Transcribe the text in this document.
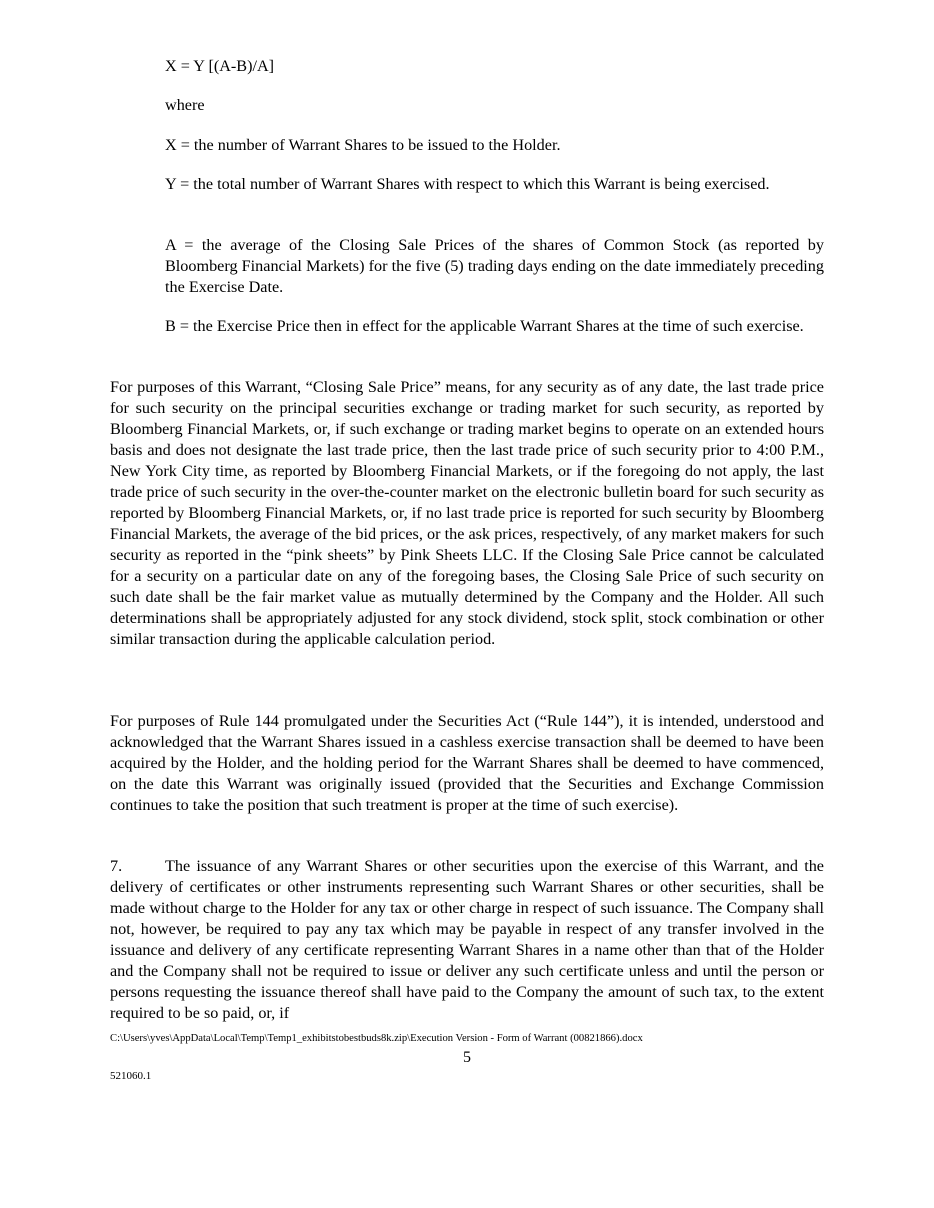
X = Y [(A-B)/A]

where

X = the number of Warrant Shares to be issued to the Holder.

Y = the total number of Warrant Shares with respect to which this Warrant is being exercised.

A = the average of the Closing Sale Prices of the shares of Common Stock (as reported by Bloomberg Financial Markets) for the five (5) trading days ending on the date immediately preceding the Exercise Date.

B = the Exercise Price then in effect for the applicable Warrant Shares at the time of such exercise.

For purposes of this Warrant, “Closing Sale Price” means, for any security as of any date, the last trade price for such security on the principal securities exchange or trading market for such security, as reported by Bloomberg Financial Markets, or, if such exchange or trading market begins to operate on an extended hours basis and does not designate the last trade price, then the last trade price of such security prior to 4:00 P.M., New York City time, as reported by Bloomberg Financial Markets, or if the foregoing do not apply, the last trade price of such security in the over-the-counter market on the electronic bulletin board for such security as reported by Bloomberg Financial Markets, or, if no last trade price is reported for such security by Bloomberg Financial Markets, the average of the bid prices, or the ask prices, respectively, of any market makers for such security as reported in the “pink sheets” by Pink Sheets LLC. If the Closing Sale Price cannot be calculated for a security on a particular date on any of the foregoing bases, the Closing Sale Price of such security on such date shall be the fair market value as mutually determined by the Company and the Holder. All such determinations shall be appropriately adjusted for any stock dividend, stock split, stock combination or other similar transaction during the applicable calculation period.

For purposes of Rule 144 promulgated under the Securities Act (“Rule 144”), it is intended, understood and acknowledged that the Warrant Shares issued in a cashless exercise transaction shall be deemed to have been acquired by the Holder, and the holding period for the Warrant Shares shall be deemed to have commenced, on the date this Warrant was originally issued (provided that the Securities and Exchange Commission continues to take the position that such treatment is proper at the time of such exercise).

7.	The issuance of any Warrant Shares or other securities upon the exercise of this Warrant, and the delivery of certificates or other instruments representing such Warrant Shares or other securities, shall be made without charge to the Holder for any tax or other charge in respect of such issuance. The Company shall not, however, be required to pay any tax which may be payable in respect of any transfer involved in the issuance and delivery of any certificate representing Warrant Shares in a name other than that of the Holder and the Company shall not be required to issue or deliver any such certificate unless and until the person or persons requesting the issuance thereof shall have paid to the Company the amount of such tax, to the extent required to be so paid, or, if

C:\Users\yves\AppData\Local\Temp\Temp1_exhibitstobestbuds8k.zip\Execution Version - Form of Warrant (00821866).docx
5
521060.1
